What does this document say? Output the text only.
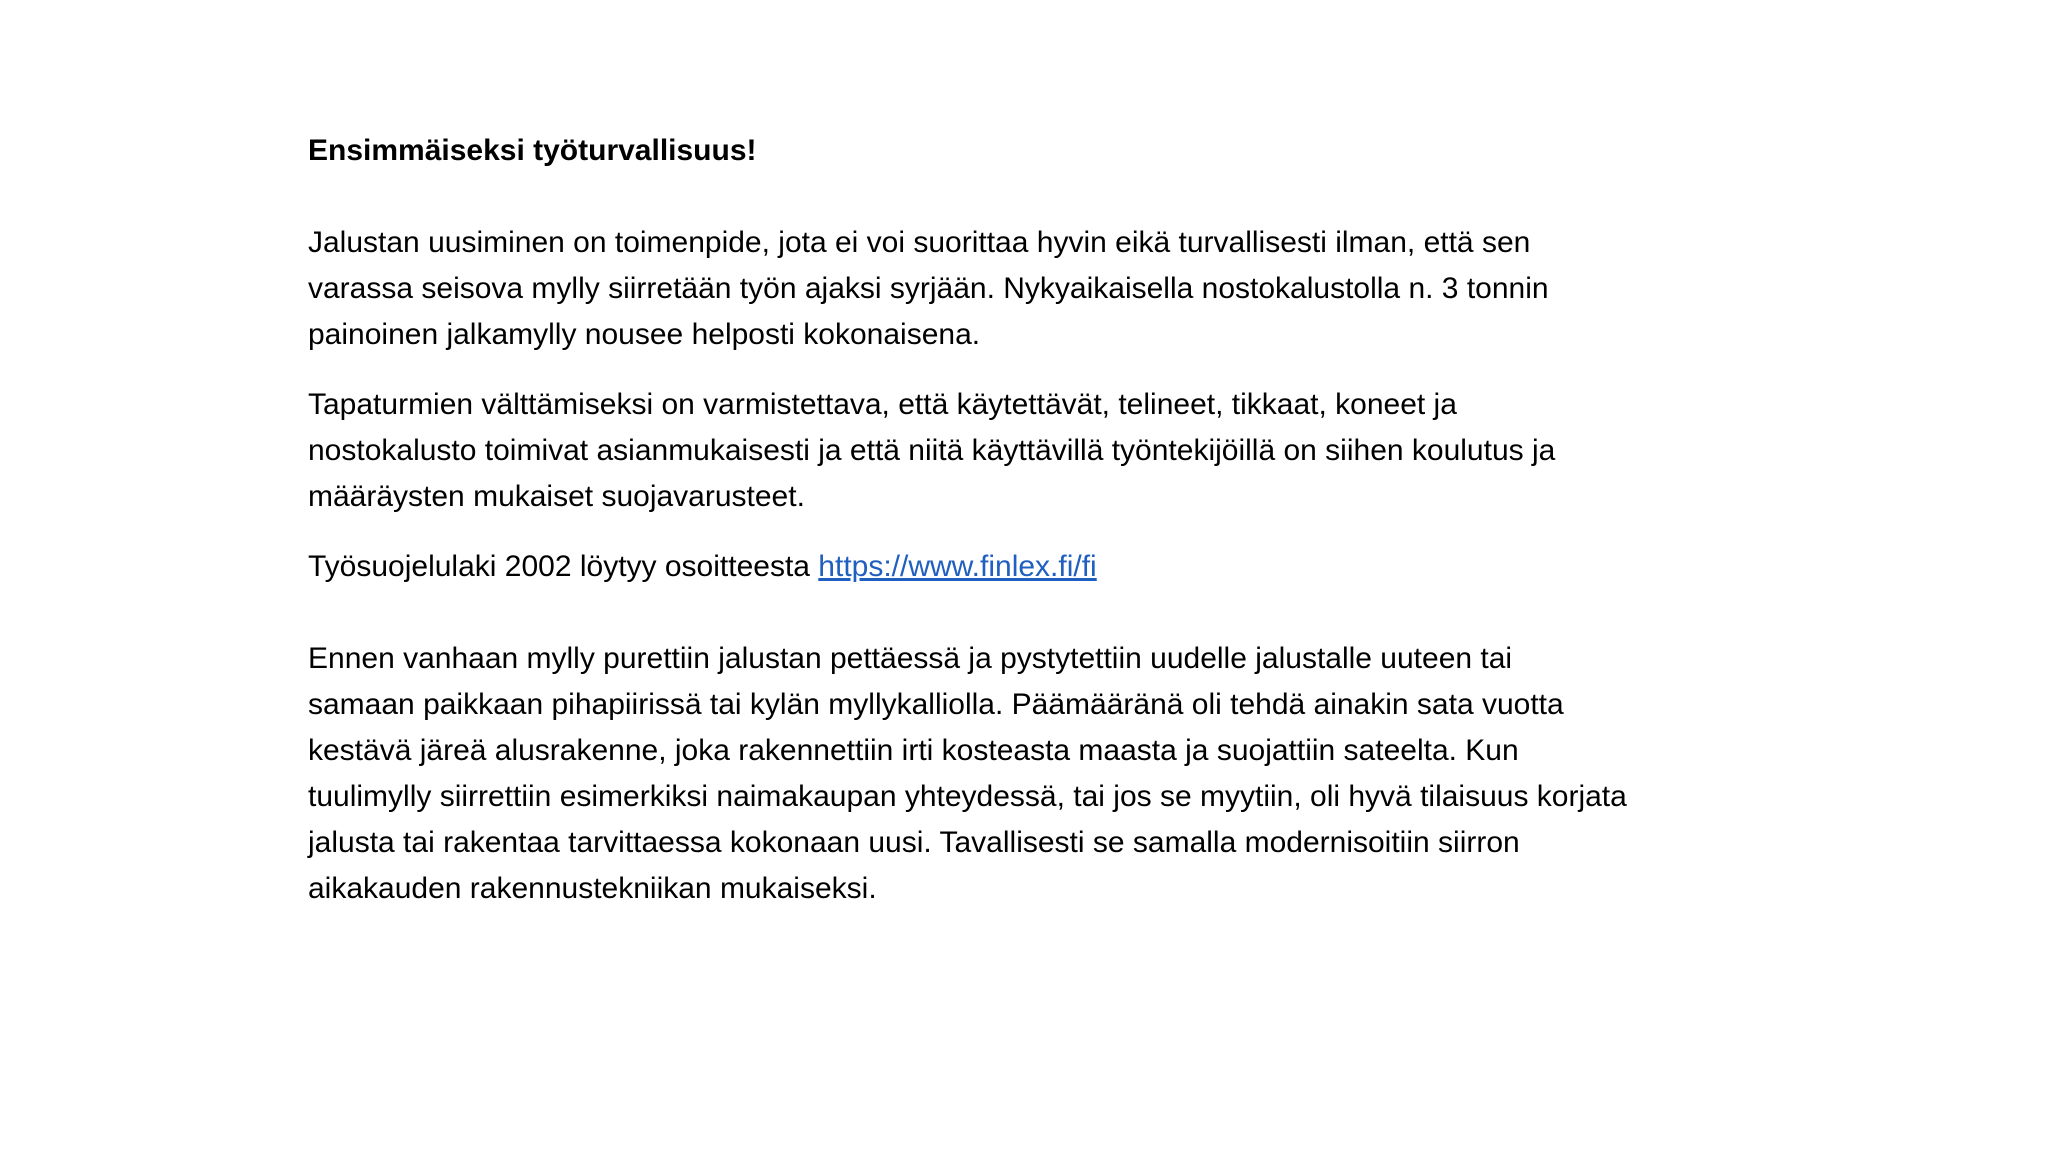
Ensimmäiseksi työturvallisuus!

Jalustan uusiminen on toimenpide, jota ei voi suorittaa hyvin eikä turvallisesti ilman, että sen
varassa seisova mylly siirretään työn ajaksi syrjään. Nykyaikaisella nostokalustolla n. 3 tonnin
painoinen jalkamylly nousee helposti kokonaisena.

Tapaturmien välttämiseksi on varmistettava, että käytettävät, telineet, tikkaat, koneet ja
nostokalusto toimivat asianmukaisesti ja että niitä käyttävillä työntekijöillä on siihen koulutus ja
määräysten mukaiset suojavarusteet.

Työsuojelulaki 2002 löytyy osoitteesta https://www.finlex.fi/fi

Ennen vanhaan mylly purettiin jalustan pettäessä ja pystytettiin uudelle jalustalle uuteen tai
samaan paikkaan pihapiirissä tai kylän myllykalliolla. Päämääränä oli tehdä ainakin sata vuotta
kestävä järeä alusrakenne, joka rakennettiin irti kosteasta maasta ja suojattiin sateelta. Kun
tuulimylly siirrettiin esimerkiksi naimakaupan yhteydessä, tai jos se myytiin, oli hyvä tilaisuus korjata
jalusta tai rakentaa tarvittaessa kokonaan uusi. Tavallisesti se samalla modernisoitiin siirron
aikakauden rakennustekniikan mukaiseksi.
